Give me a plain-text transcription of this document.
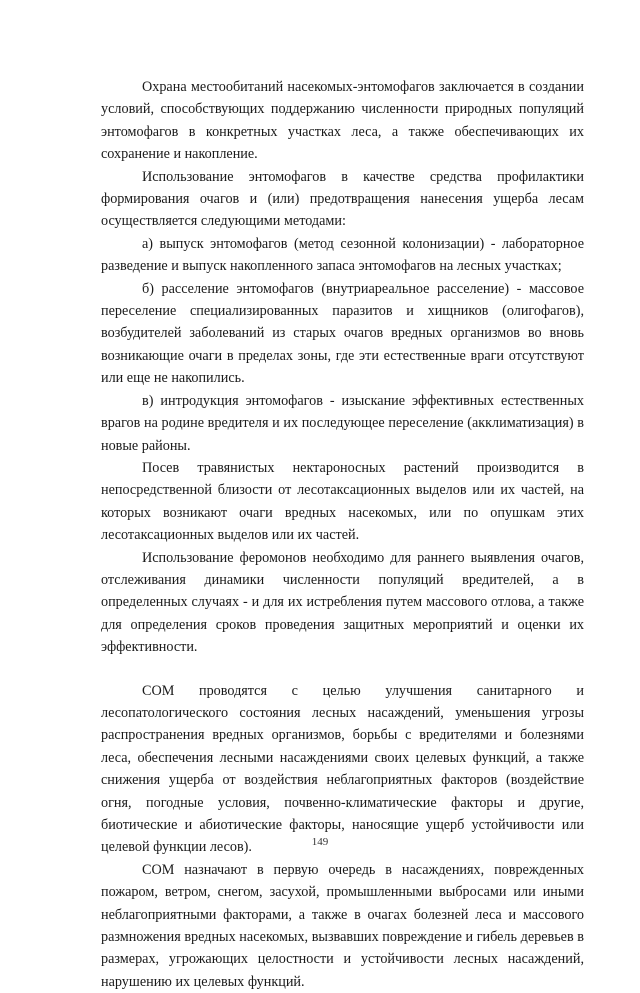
Охрана местообитаний насекомых-энтомофагов заключается в создании условий, способствующих поддержанию численности природных популяций энтомофагов в конкретных участках леса, а также обеспечивающих их сохранение и накопление.

Использование энтомофагов в качестве средства профилактики формирования очагов и (или) предотвращения нанесения ущерба лесам осуществляется следующими методами:

а) выпуск энтомофагов (метод сезонной колонизации) - лабораторное разведение и выпуск накопленного запаса энтомофагов на лесных участках;

б) расселение энтомофагов (внутриареальное расселение) - массовое переселение специализированных паразитов и хищников (олигофагов), возбудителей заболеваний из старых очагов вредных организмов во вновь возникающие очаги в пределах зоны, где эти естественные враги отсутствуют или еще не накопились.

в) интродукция энтомофагов - изыскание эффективных естественных врагов на родине вредителя и их последующее переселение (акклиматизация) в новые районы.

Посев травянистых нектароносных растений производится в непосредственной близости от лесотаксационных выделов или их частей, на которых возникают очаги вредных насекомых, или по опушкам этих лесотаксационных выделов или их частей.

Использование феромонов необходимо для раннего выявления очагов, отслеживания динамики численности популяций вредителей, а в определенных случаях - и для их истребления путем массового отлова, а также для определения сроков проведения защитных мероприятий и оценки их эффективности.

СОМ проводятся с целью улучшения санитарного и лесопатологического состояния лесных насаждений, уменьшения угрозы распространения вредных организмов, борьбы с вредителями и болезнями леса, обеспечения лесными насаждениями своих целевых функций, а также снижения ущерба от воздействия неблагоприятных факторов (воздействие огня, погодные условия, почвенно-климатические факторы и другие, биотические и абиотические факторы, наносящие ущерб устойчивости или целевой функции лесов).

СОМ назначают в первую очередь в насаждениях, поврежденных пожаром, ветром, снегом, засухой, промышленными выбросами или иными неблагоприятными факторами, а также в очагах болезней леса и массового размножения вредных насекомых, вызвавших повреждение и гибель деревьев в размерах, угрожающих целостности и устойчивости лесных насаждений, нарушению их целевых функций.

149
